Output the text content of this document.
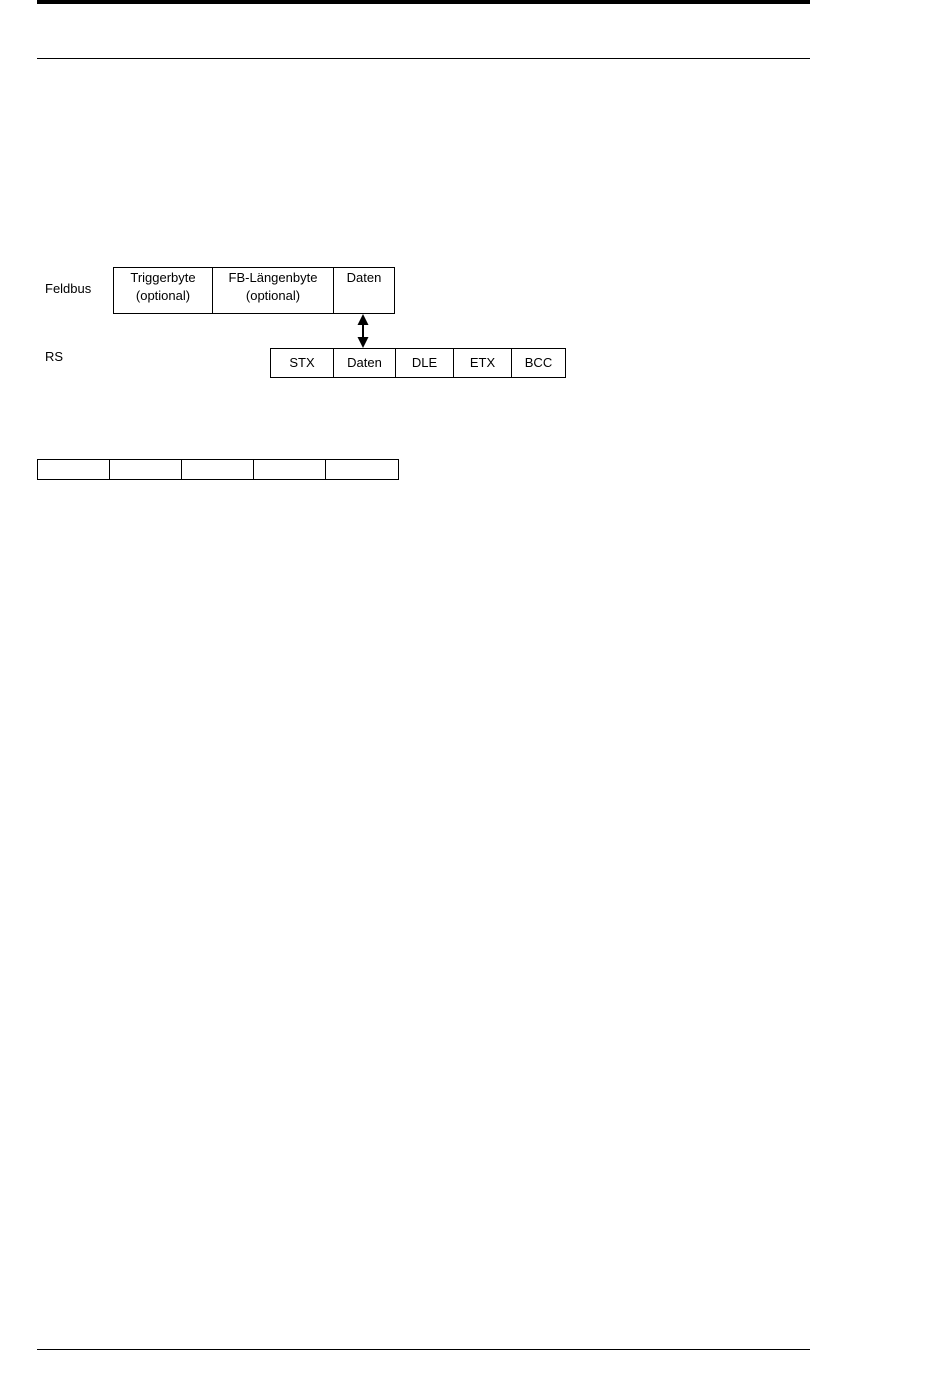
Feldbus
RS
Triggerbyte
(optional)
FB-Längenbyte
(optional)
Daten
STX	Daten	DLE	ETX	BCC
